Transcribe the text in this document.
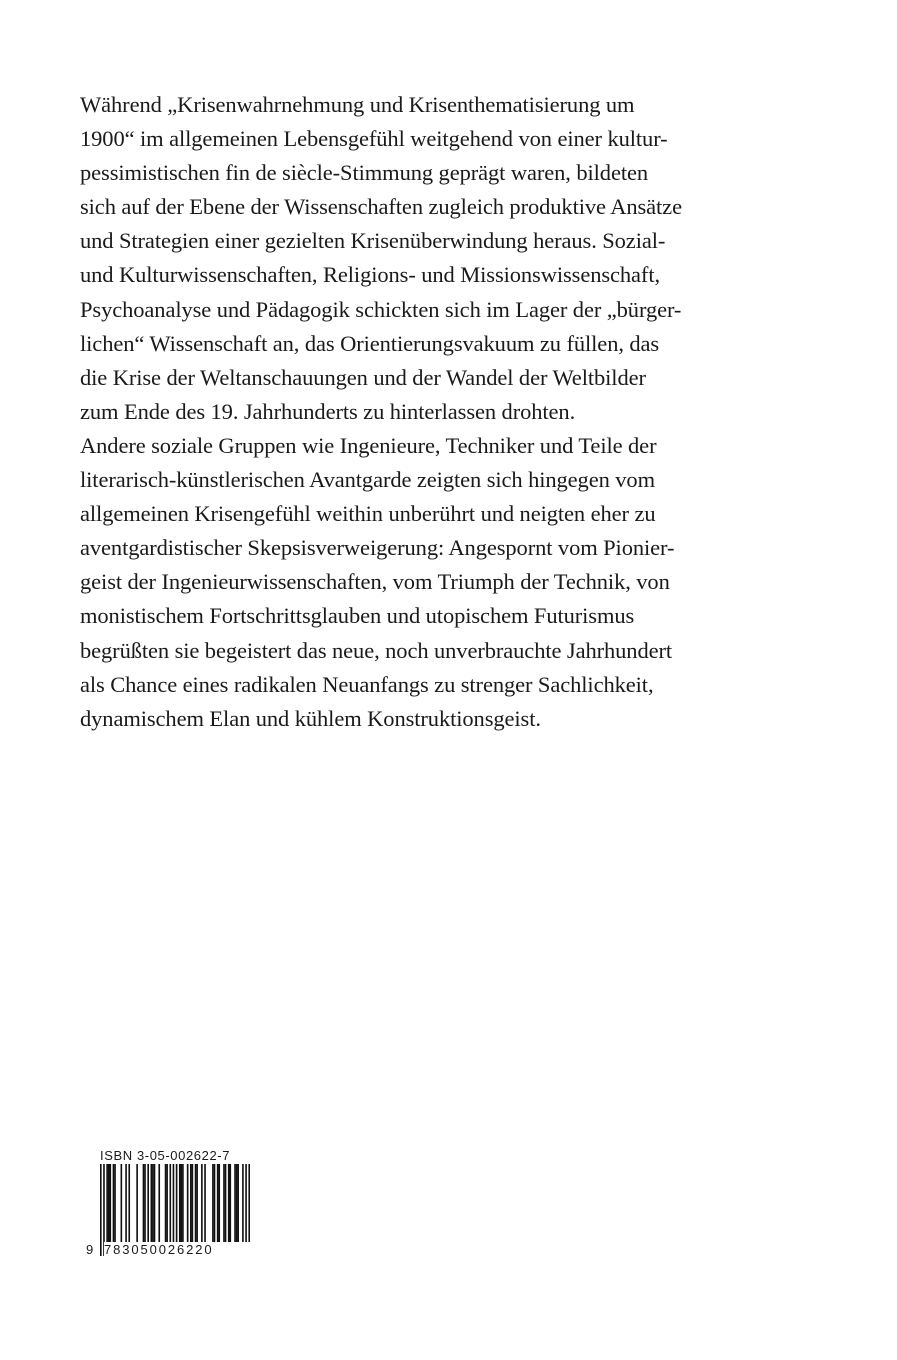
Während „Krisenwahrnehmung und Krisenthematisierung um
1900“ im allgemeinen Lebensgefühl weitgehend von einer kultur-
pessimistischen fin de siècle-Stimmung geprägt waren, bildeten
sich auf der Ebene der Wissenschaften zugleich produktive Ansätze
und Strategien einer gezielten Krisenüberwindung heraus. Sozial-
und Kulturwissenschaften, Religions- und Missionswissenschaft,
Psychoanalyse und Pädagogik schickten sich im Lager der „bürger-
lichen“ Wissenschaft an, das Orientierungsvakuum zu füllen, das
die Krise der Weltanschauungen und der Wandel der Weltbilder
zum Ende des 19. Jahrhunderts zu hinterlassen drohten.
Andere soziale Gruppen wie Ingenieure, Techniker und Teile der
literarisch-künstlerischen Avantgarde zeigten sich hingegen vom
allgemeinen Krisengefühl weithin unberührt und neigten eher zu
aventgardistischer Skepsisverweigerung: Angespornt vom Pionier-
geist der Ingenieurwissenschaften, vom Triumph der Technik, von
monistischem Fortschrittsglauben und utopischem Futurismus
begrüßten sie begeistert das neue, noch unverbrauchte Jahrhundert
als Chance eines radikalen Neuanfangs zu strenger Sachlichkeit,
dynamischem Elan und kühlem Konstruktionsgeist.
ISBN 3-05-002622-7
9 783050026220
